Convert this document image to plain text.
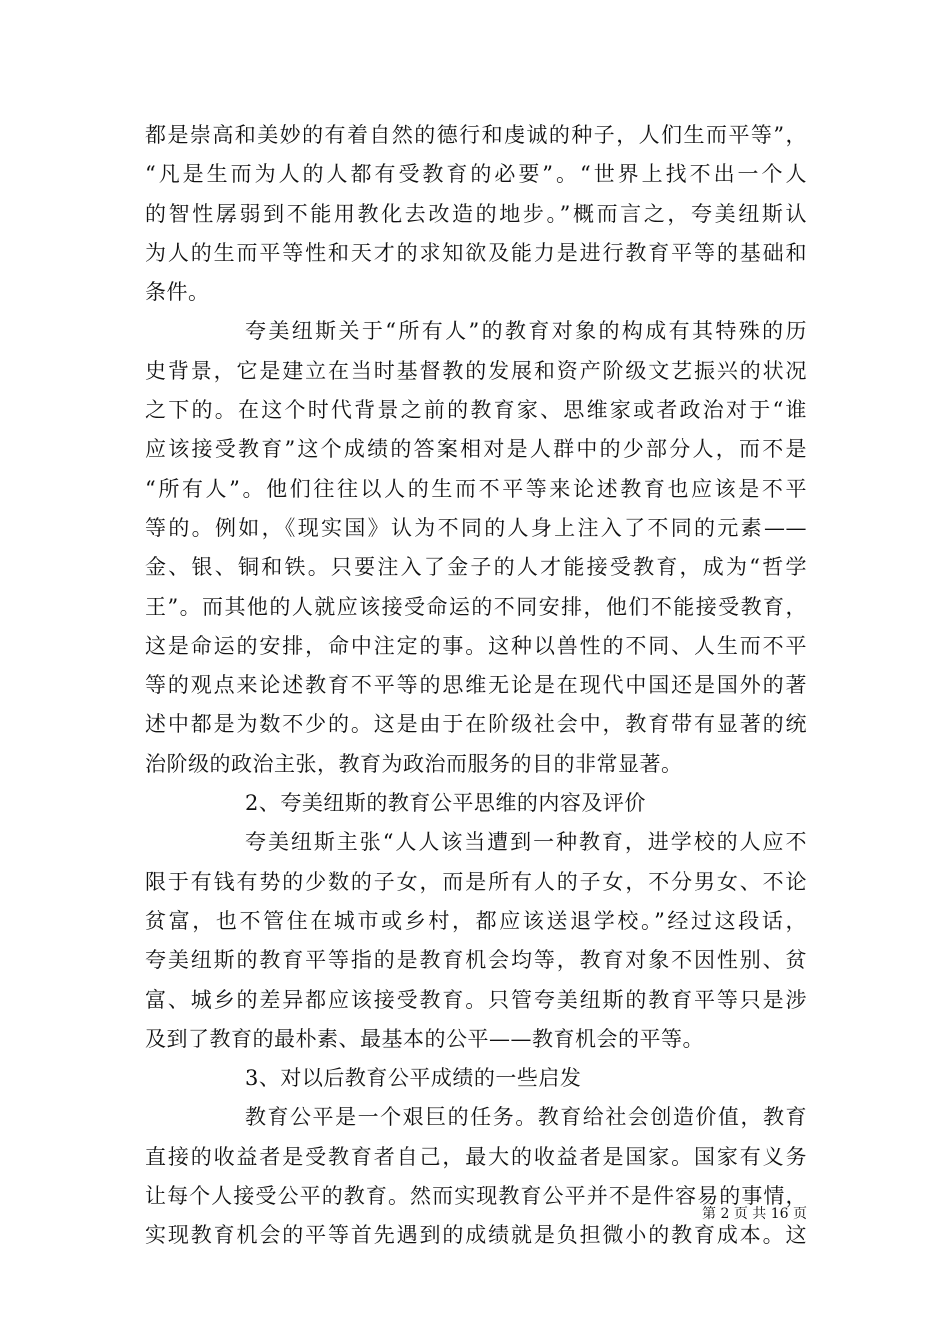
都是崇高和美妙的有着自然的德行和虔诚的种子，人们生而平等”，
“凡是生而为人的人都有受教育的必要”。“世界上找不出一个人
的智性孱弱到不能用教化去改造的地步。”概而言之，夸美纽斯认
为人的生而平等性和天才的求知欲及能力是进行教育平等的基础和
条件。
夸美纽斯关于“所有人”的教育对象的构成有其特殊的历
史背景，它是建立在当时基督教的发展和资产阶级文艺振兴的状况
之下的。在这个时代背景之前的教育家、思维家或者政治对于“谁
应该接受教育”这个成绩的答案相对是人群中的少部分人，而不是
“所有人”。他们往往以人的生而不平等来论述教育也应该是不平
等的。例如，《现实国》认为不同的人身上注入了不同的元素——
金、银、铜和铁。只要注入了金子的人才能接受教育，成为“哲学
王”。而其他的人就应该接受命运的不同安排，他们不能接受教育，
这是命运的安排，命中注定的事。这种以兽性的不同、人生而不平
等的观点来论述教育不平等的思维无论是在现代中国还是国外的著
述中都是为数不少的。这是由于在阶级社会中，教育带有显著的统
治阶级的政治主张，教育为政治而服务的目的非常显著。
2、夸美纽斯的教育公平思维的内容及评价
夸美纽斯主张“人人该当遭到一种教育，进学校的人应不
限于有钱有势的少数的子女，而是所有人的子女，不分男女、不论
贫富，也不管住在城市或乡村，都应该送退学校。”经过这段话，
夸美纽斯的教育平等指的是教育机会均等，教育对象不因性别、贫
富、城乡的差异都应该接受教育。只管夸美纽斯的教育平等只是涉
及到了教育的最朴素、最基本的公平——教育机会的平等。
3、对以后教育公平成绩的一些启发
教育公平是一个艰巨的任务。教育给社会创造价值，教育
直接的收益者是受教育者自己，最大的收益者是国家。国家有义务
让每个人接受公平的教育。然而实现教育公平并不是件容易的事情，
实现教育机会的平等首先遇到的成绩就是负担微小的教育成本。这
第 2 页 共 16 页
